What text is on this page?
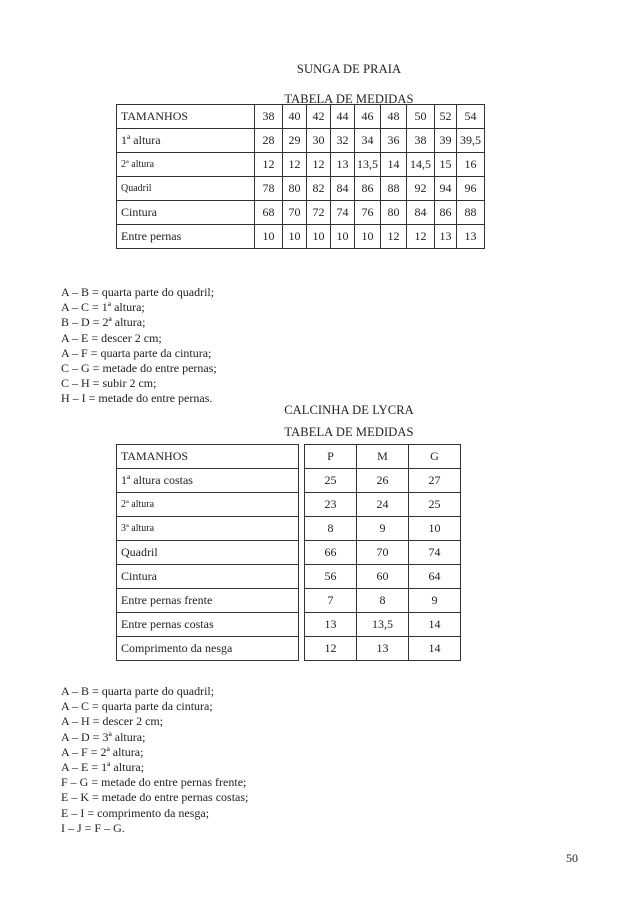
SUNGA DE PRAIA
TABELA DE MEDIDAS
TAMANHOS	38	40	42	44	46	48	50	52	54
1ª altura	28	29	30	32	34	36	38	39	39,5
2ª altura	12	12	12	13	13,5	14	14,5	15	16
Quadril	78	80	82	84	86	88	92	94	96
Cintura	68	70	72	74	76	80	84	86	88
Entre pernas	10	10	10	10	10	12	12	13	13
A – B = quarta parte do quadril;
A – C = 1ª altura;
B – D = 2ª altura;
A – E = descer 2 cm;
A – F = quarta parte da cintura;
C – G = metade do entre pernas;
C – H = subir 2 cm;
H – I = metade do entre pernas.
CALCINHA DE LYCRA
TABELA DE MEDIDAS
TAMANHOS		P	M	G
1ª altura costas		25	26	27
2ª altura		23	24	25
3ª altura		8	9	10
Quadril		66	70	74
Cintura		56	60	64
Entre pernas frente		7	8	9
Entre pernas costas		13	13,5	14
Comprimento da nesga		12	13	14
A – B = quarta parte do quadril;
A – C = quarta parte da cintura;
A – H = descer 2 cm;
A – D = 3ª altura;
A – F = 2ª altura;
A – E = 1ª altura;
F – G = metade do entre pernas frente;
E – K = metade do entre pernas costas;
E – I = comprimento da nesga;
I – J = F – G.
50
